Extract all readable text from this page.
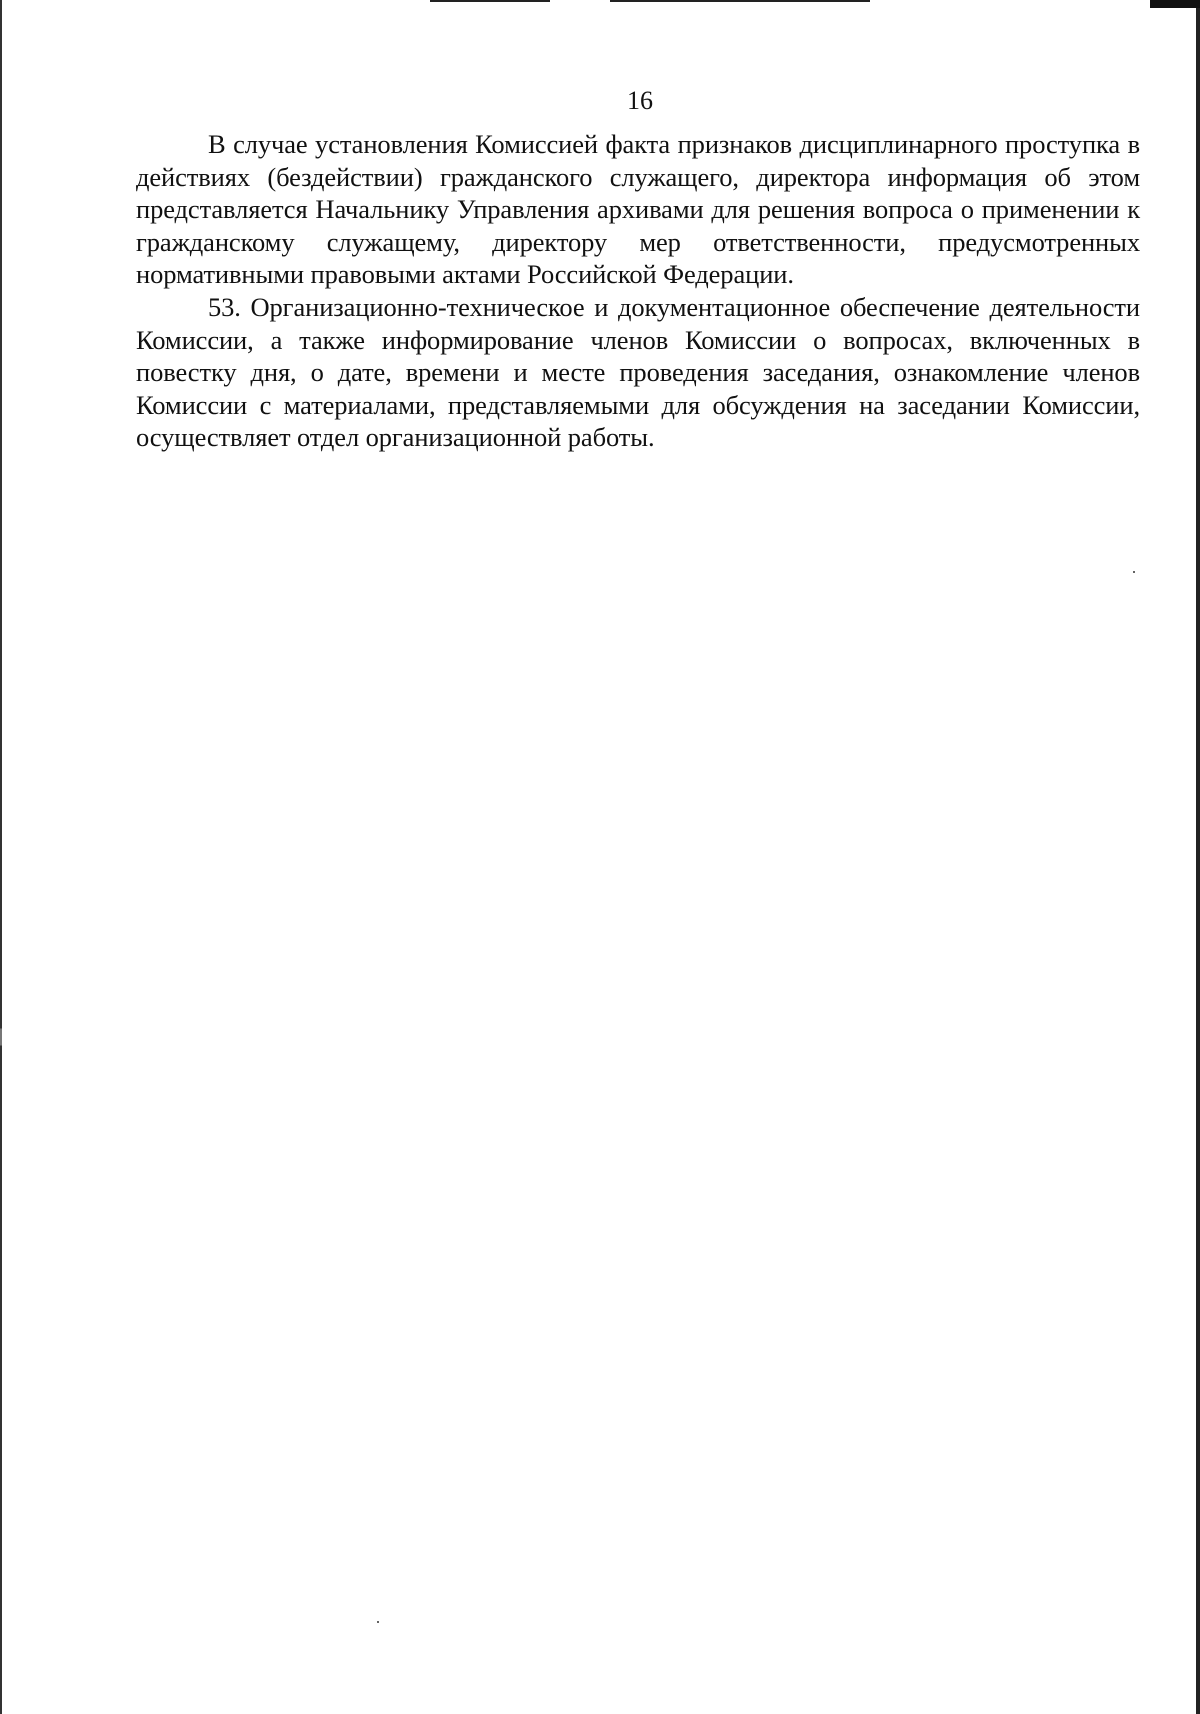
16

В случае установления Комиссией факта признаков дисциплинарного проступка в действиях (бездействии) гражданского служащего, директора информация об этом представляется Начальнику Управления архивами для решения вопроса о применении к гражданскому служащему, директору мер ответственности, предусмотренных нормативными правовыми актами Российской Федерации.

53. Организационно-техническое и документационное обеспечение деятельности Комиссии, а также информирование членов Комиссии о вопросах, включенных в повестку дня, о дате, времени и месте проведения заседания, ознакомление членов Комиссии с материалами, представляемыми для обсуждения на заседании Комиссии, осуществляет отдел организационной работы.
